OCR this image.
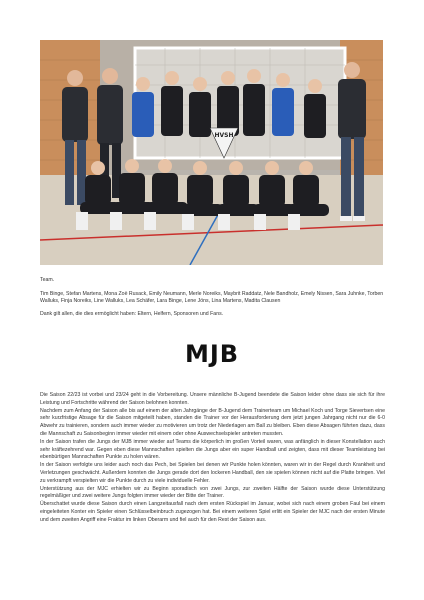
HVSH

Team.

Tim Binge, Stefan Martens, Mona Zoë Rusack, Emily Neumann, Merle Noreiks, Maybrit Raddatz, Nele Bandholz, Emely Nissen, Sara Juhnke, Torben Walluks, Finja Noreiks, Line Walluks, Lea Schäfer, Lara Binge, Lene Jöns, Lina Martens, Madita Clausen

Dank gilt allen, die dies ermöglicht haben: Eltern, Helfern, Sponsoren und Fans.

MJB

Die Saison 22/23 ist vorbei und 23/24 geht in die Vorbereitung. Unsere männliche B-Jugend beendete die Saison leider ohne dass sie sich für ihre Leistung und Fortschritte während der Saison belohnen konnten.

Nachdem zum Anfang der Saison alle bis auf einem der alten Jahrgänge der B-Jugend dem Trainerteam um Michael Koch und Torge Sievertsen eine sehr kurzfristige Absage für die Saison mitgeteilt haben, standen die Trainer vor der Herausforderung dem jetzt jungen Jahrgang nicht nur die 6-0 Abwehr zu trainieren, sondern auch immer wieder zu motivieren um trotz der Niederlagen am Ball zu bleiben. Eben diese Absagen führten dazu, dass die Mannschaft zu Saisonbeginn immer wieder mit einem oder ohne Auswechselspieler antreten mussten.

In der Saison trafen die Jungs der MJB immer wieder auf Teams die körperlich im großen Vorteil waren, was anfänglich in dieser Konstellation auch sehr kräftezehrend war. Gegen eben diese Mannschaften spielten die Jungs aber ein super Handball und zeigten, dass mit dieser Teamleistung bei ebenbürtigen Mannschaften Punkte zu holen wären.

In der Saison verfolgte uns leider auch noch das Pech, bei Spielen bei denen wir Punkte holen könnten, waren wir in der Regel durch Krankheit und Verletzungen geschwächt. Außerdem konnten die Jungs gerade dort den lockeren Handball, den sie spielen können nicht auf die Platte bringen. Viel zu verkrampft verspielten wir die Punkte durch zu viele individuelle Fehler.

Unterstützung aus der MJC erhielten wir zu Beginn sporadisch von zwei Jungs, zur zweiten Hälfte der Saison wurde diese Unterstützung regelmäßiger und zwei weitere Jungs folgten immer wieder der Bitte der Trainer.

Überschattet wurde diese Saison durch einen Langzeitausfall nach dem ersten Rückspiel im Januar, wobei sich nach einem groben Faul bei einem eingeleiteten Konter ein Spieler einen Schlüsselbeinbruch zugezogen hat. Bei einem weiteren Spiel erlitt ein Spieler der MJC nach der ersten Minute und dem zweiten Angriff eine Fraktur im linken Oberarm und fiel auch für den Rest der Saison aus.
